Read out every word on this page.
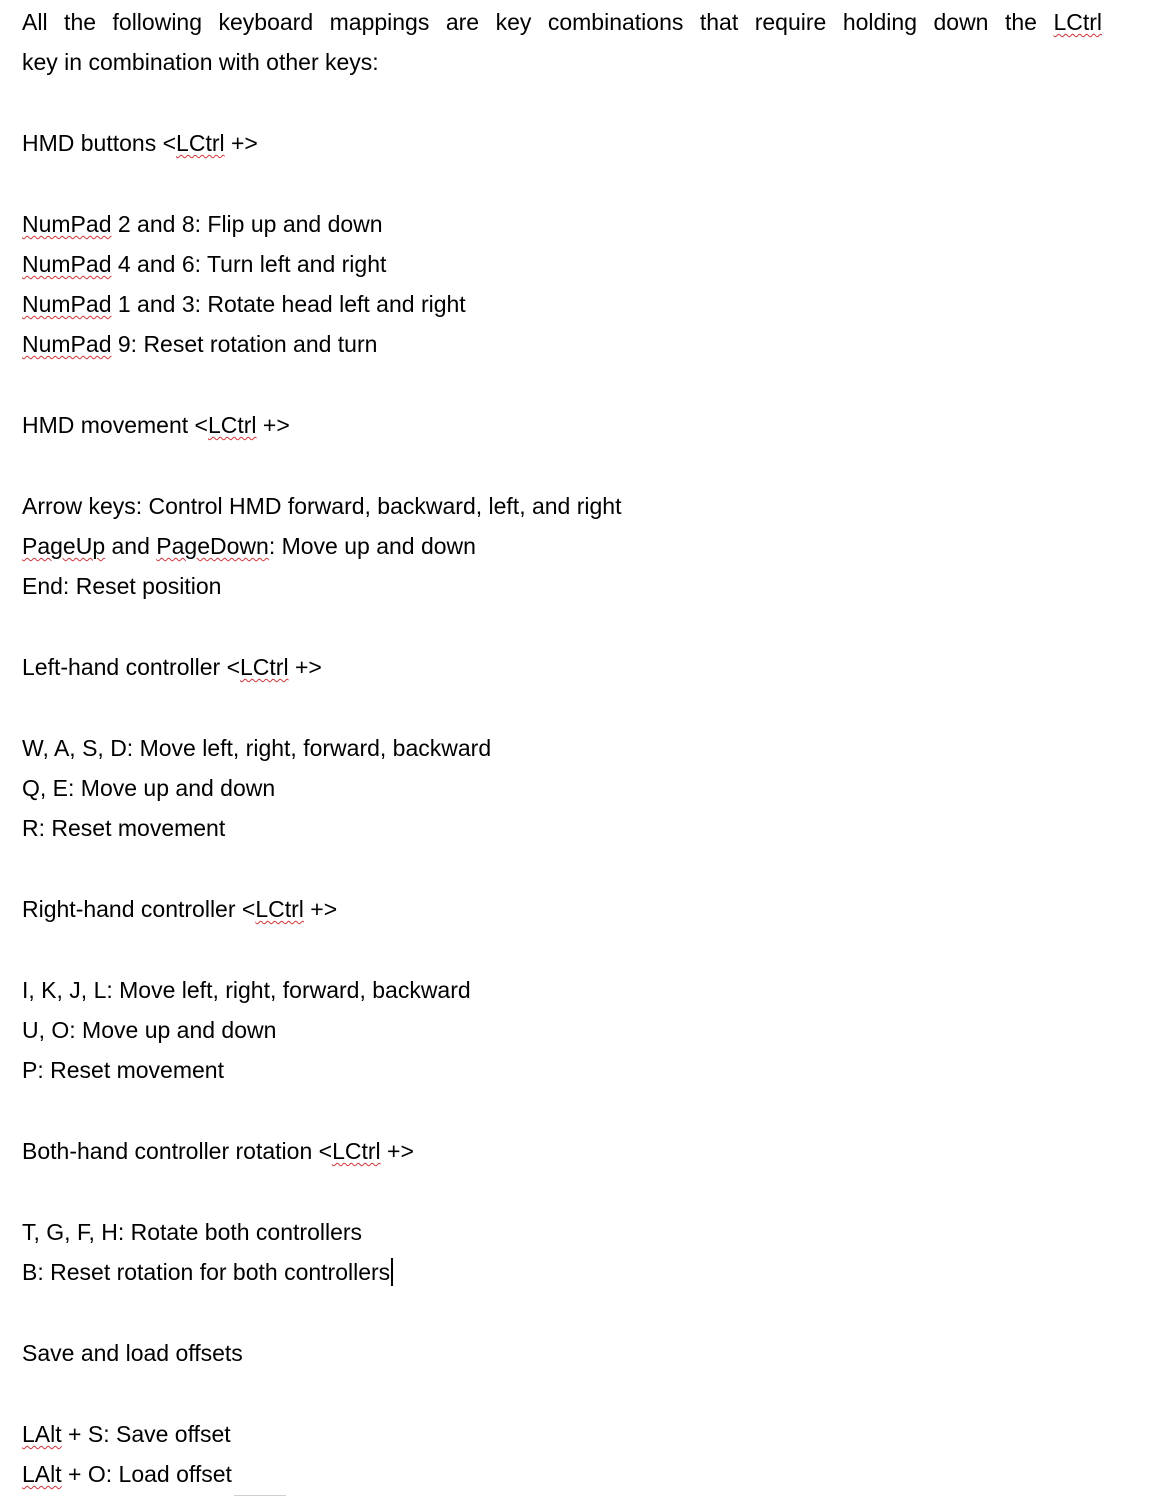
All the following keyboard mappings are key combinations that require holding down the LCtrl
key in combination with other keys:
HMD buttons <LCtrl +>
NumPad 2 and 8: Flip up and down
NumPad 4 and 6: Turn left and right
NumPad 1 and 3: Rotate head left and right
NumPad 9: Reset rotation and turn
HMD movement <LCtrl +>
Arrow keys: Control HMD forward, backward, left, and right
PageUp and PageDown: Move up and down
End: Reset position
Left-hand controller <LCtrl +>
W, A, S, D: Move left, right, forward, backward
Q, E: Move up and down
R: Reset movement
Right-hand controller <LCtrl +>
I, K, J, L: Move left, right, forward, backward
U, O: Move up and down
P: Reset movement
Both-hand controller rotation <LCtrl +>
T, G, F, H: Rotate both controllers
B: Reset rotation for both controllers
Save and load offsets
LAlt + S: Save offset
LAlt + O: Load offset
